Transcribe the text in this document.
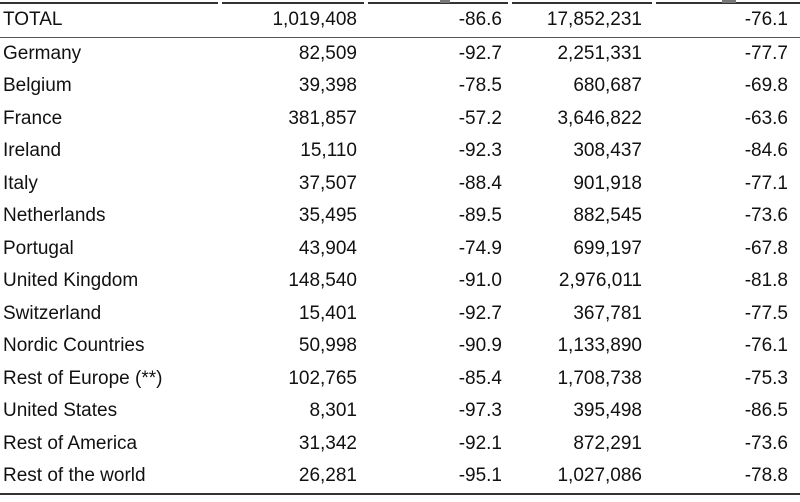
TOTAL	1,019,408	-86.6	17,852,231	-76.1
Germany	82,509	-92.7	2,251,331	-77.7
Belgium	39,398	-78.5	680,687	-69.8
France	381,857	-57.2	3,646,822	-63.6
Ireland	15,110	-92.3	308,437	-84.6
Italy	37,507	-88.4	901,918	-77.1
Netherlands	35,495	-89.5	882,545	-73.6
Portugal	43,904	-74.9	699,197	-67.8
United Kingdom	148,540	-91.0	2,976,011	-81.8
Switzerland	15,401	-92.7	367,781	-77.5
Nordic Countries	50,998	-90.9	1,133,890	-76.1
Rest of Europe (**)	102,765	-85.4	1,708,738	-75.3
United States	8,301	-97.3	395,498	-86.5
Rest of America	31,342	-92.1	872,291	-73.6
Rest of the world	26,281	-95.1	1,027,086	-78.8
